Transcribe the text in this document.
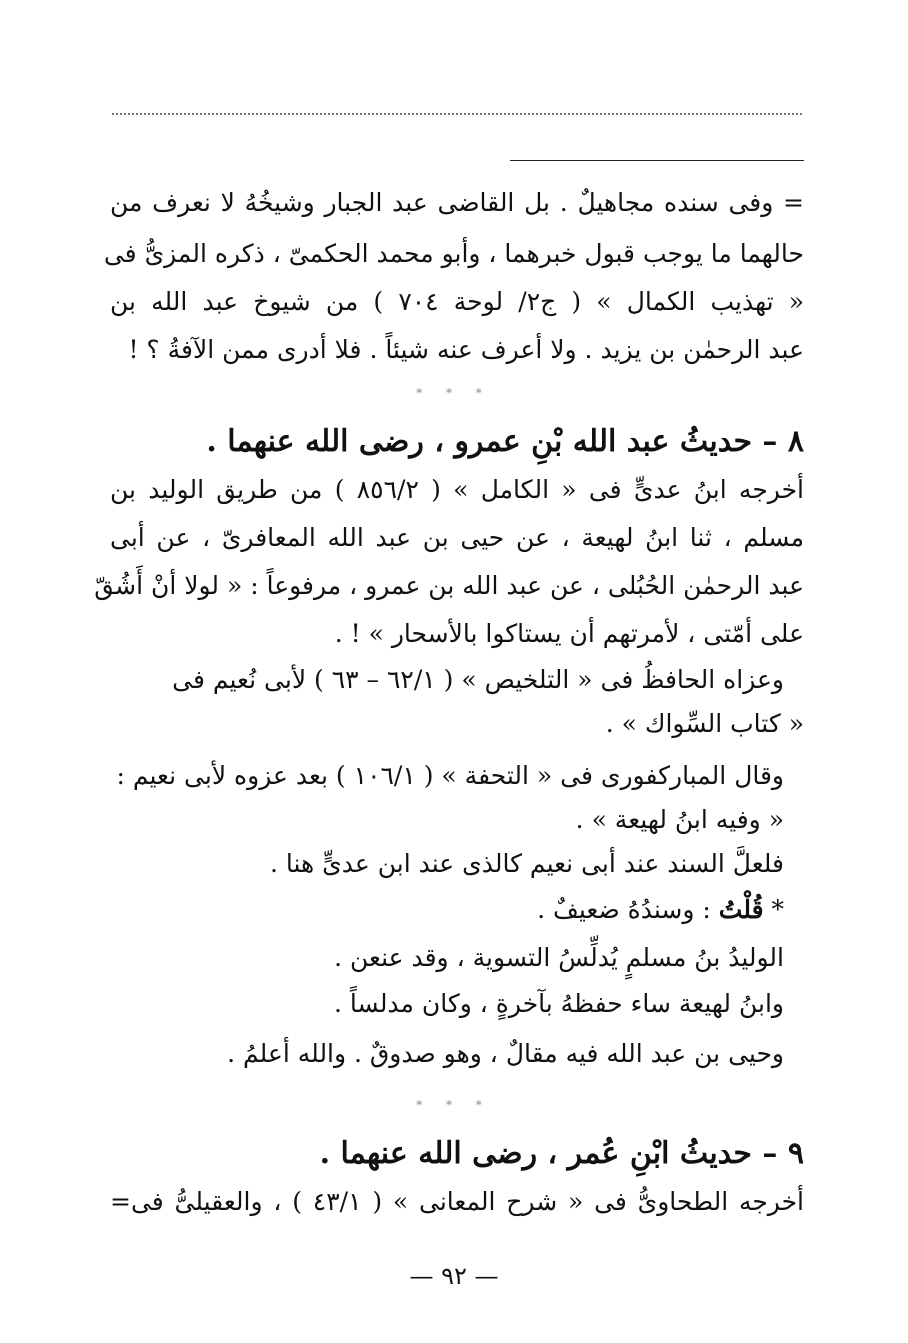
= وفى سنده مجاهيلٌ . بل القاضى عبد الجبار وشيخُهُ لا نعرف من
حالهما ما يوجب قبول خبرهما ، وأبو محمد الحكمىّ ، ذكره المزىُّ فى
« تهذيب الكمال » ( ج٢/ لوحة ٧٠٤ ) من شيوخ عبد الله بن
عبد الرحمٰن بن يزيد . ولا أعرف عنه شيئاً . فلا أدرى ممن الآفةُ ؟ !
* * *
٨ – حديثُ عبد الله بْنِ عمرو ، رضى الله عنهما .
أخرجه ابنُ عدىٍّ فى « الكامل » ( ٨٥٦/٢ ) من طريق الوليد بن
مسلم ، ثنا ابنُ لهيعة ، عن حيى بن عبد الله المعافرىّ ، عن أبى
عبد الرحمٰن الحُبُلى ، عن عبد الله بن عمرو ، مرفوعاً : « لولا أنْ أَشُقّ
على أمّتى ، لأمرتهم أن يستاكوا بالأسحار » ! .
وعزاه الحافظُ فى « التلخيص » ( ٦٢/١ – ٦٣ ) لأبى نُعيم فى
« كتاب السِّواك » .
وقال المباركفورى فى « التحفة » ( ١٠٦/١ ) بعد عزوه لأبى نعيم :
« وفيه ابنُ لهيعة » .
فلعلَّ السند عند أبى نعيم كالذى عند ابن عدىٍّ هنا .
* قُلْتُ : وسندُهُ ضعيفٌ .
الوليدُ بنُ مسلمٍ يُدلِّسُ التسوية ، وقد عنعن .
وابنُ لهيعة ساء حفظهُ بآخرةٍ ، وكان مدلساً .
وحيى بن عبد الله فيه مقالٌ ، وهو صدوقٌ . والله أعلمُ .
* * *
٩ – حديثُ ابْنِ عُمر ، رضى الله عنهما .
أخرجه الطحاوىُّ فى « شرح المعانى » ( ٤٣/١ ) ، والعقيلىُّ فى=
— ٩٢ —
